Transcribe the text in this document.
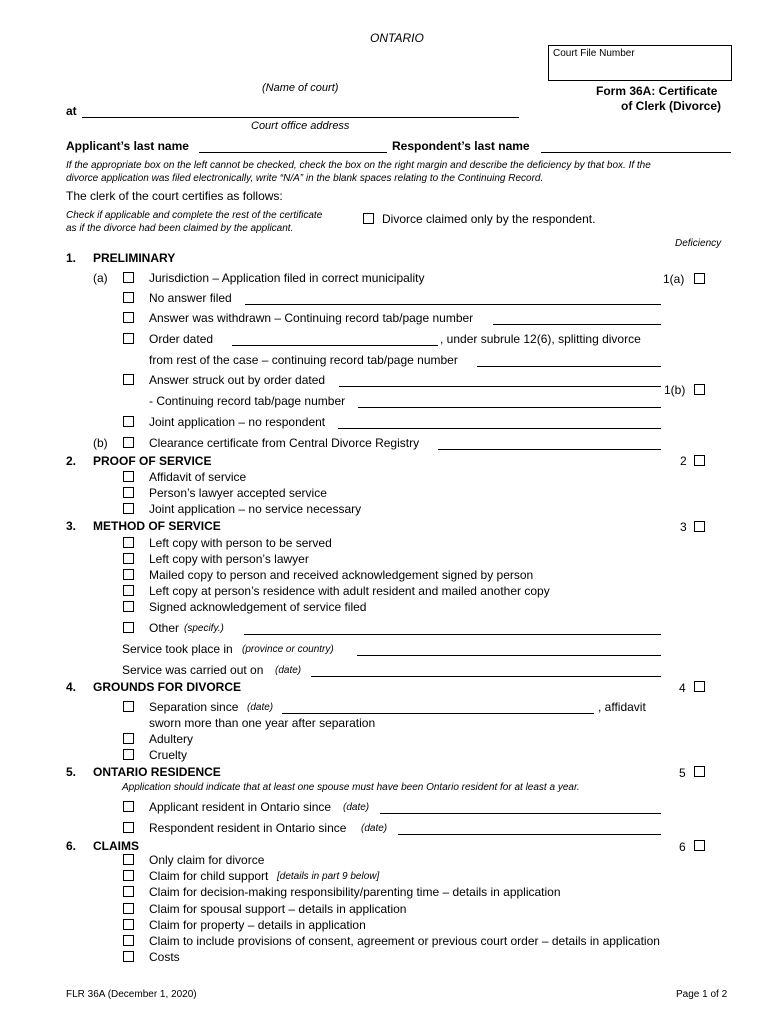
ONTARIO
Court File Number
(Name of court)	Form 36A: Certificate
of Clerk (Divorce)
at
Court office address
Applicant’s last name	Respondent’s last name
If the appropriate box on the left cannot be checked, check the box on the right margin and describe the deficiency by that box. If the
divorce application was filed electronically, write “N/A” in the blank spaces relating to the Continuing Record.
The clerk of the court certifies as follows:
Check if applicable and complete the rest of the certificate
as if the divorce had been claimed by the applicant.
Divorce claimed only by the respondent.
Deficiency
1. PRELIMINARY
(a)	Jurisdiction – Application filed in correct municipality	1(a)
No answer filed
Answer was withdrawn – Continuing record tab/page number
Order dated	, under subrule 12(6), splitting divorce
from rest of the case – continuing record tab/page number
Answer struck out by order dated
1(b)
- Continuing record tab/page number
Joint application – no respondent
(b)	Clearance certificate from Central Divorce Registry
2. PROOF OF SERVICE	2
Affidavit of service
Person’s lawyer accepted service
Joint application – no service necessary
3. METHOD OF SERVICE	3
Left copy with person to be served
Left copy with person’s lawyer
Mailed copy to person and received acknowledgement signed by person
Left copy at person’s residence with adult resident and mailed another copy
Signed acknowledgement of service filed
Other (specify.)
Service took place in (province or country)
Service was carried out on (date)
4. GROUNDS FOR DIVORCE	4
Separation since (date)	, affidavit
sworn more than one year after separation
Adultery
Cruelty
5. ONTARIO RESIDENCE	5
Application should indicate that at least one spouse must have been Ontario resident for at least a year.
Applicant resident in Ontario since (date)
Respondent resident in Ontario since (date)
6. CLAIMS	6
Only claim for divorce
Claim for child support [details in part 9 below]
Claim for decision-making responsibility/parenting time – details in application
Claim for spousal support – details in application
Claim for property – details in application
Claim to include provisions of consent, agreement or previous court order – details in application
Costs
FLR 36A (December 1, 2020)	Page 1 of 2
